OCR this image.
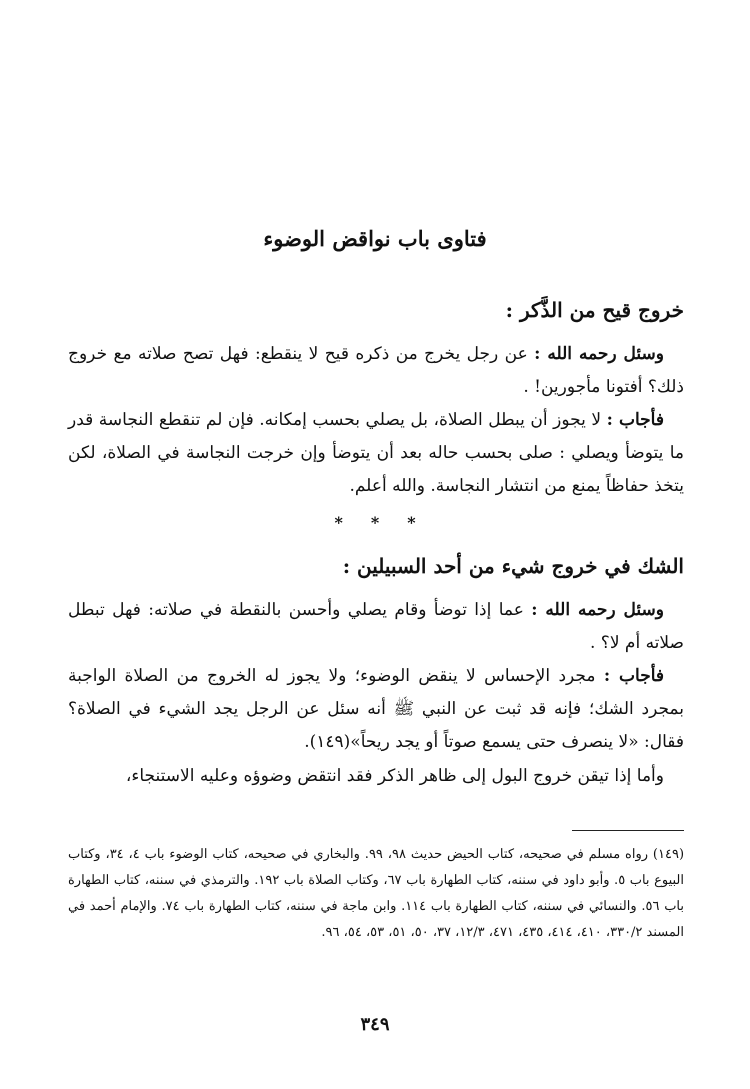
فتاوى باب نواقض الوضوء
خروج قيح من الذَّكر :
وسئل رحمه الله : عن رجل يخرج من ذكره قيح لا ينقطع: فهل تصح صلاته مع خروج ذلك؟ أفتونا مأجورين! .
فأجاب : لا يجوز أن يبطل الصلاة، بل يصلي بحسب إمكانه. فإن لم تنقطع النجاسة قدر ما يتوضأ ويصلي : صلى بحسب حاله بعد أن يتوضأ وإن خرجت النجاسة في الصلاة، لكن يتخذ حفاظاً يمنع من انتشار النجاسة. والله أعلم.
***
الشك في خروج شيء من أحد السبيلين :
وسئل رحمه الله : عما إذا توضأ وقام يصلي وأحسن بالنقطة في صلاته: فهل تبطل صلاته أم لا؟ .
فأجاب : مجرد الإحساس لا ينقض الوضوء؛ ولا يجوز له الخروج من الصلاة الواجبة بمجرد الشك؛ فإنه قد ثبت عن النبي ﷺ أنه سئل عن الرجل يجد الشيء في الصلاة؟ فقال: «لا ينصرف حتى يسمع صوتاً أو يجد ريحاً»(١٤٩).
وأما إذا تيقن خروج البول إلى ظاهر الذكر فقد انتقض وضوؤه وعليه الاستنجاء،
(١٤٩) رواه مسلم في صحيحه، كتاب الحيض حديث ٩٨، ٩٩. والبخاري في صحيحه، كتاب الوضوء باب ٤، ٣٤، وكتاب البيوع باب ٥. وأبو داود في سننه، كتاب الطهارة باب ٦٧، وكتاب الصلاة باب ١٩٢. والترمذي في سننه، كتاب الطهارة باب ٥٦. والنسائي في سننه، كتاب الطهارة باب ١١٤. وابن ماجة في سننه، كتاب الطهارة باب ٧٤. والإمام أحمد في المسند ٣٣٠/٢، ٤١٠، ٤١٤، ٤٣٥، ٤٧١، ١٢/٣، ٣٧، ٥٠، ٥١، ٥٣، ٥٤، ٩٦.
٣٤٩
